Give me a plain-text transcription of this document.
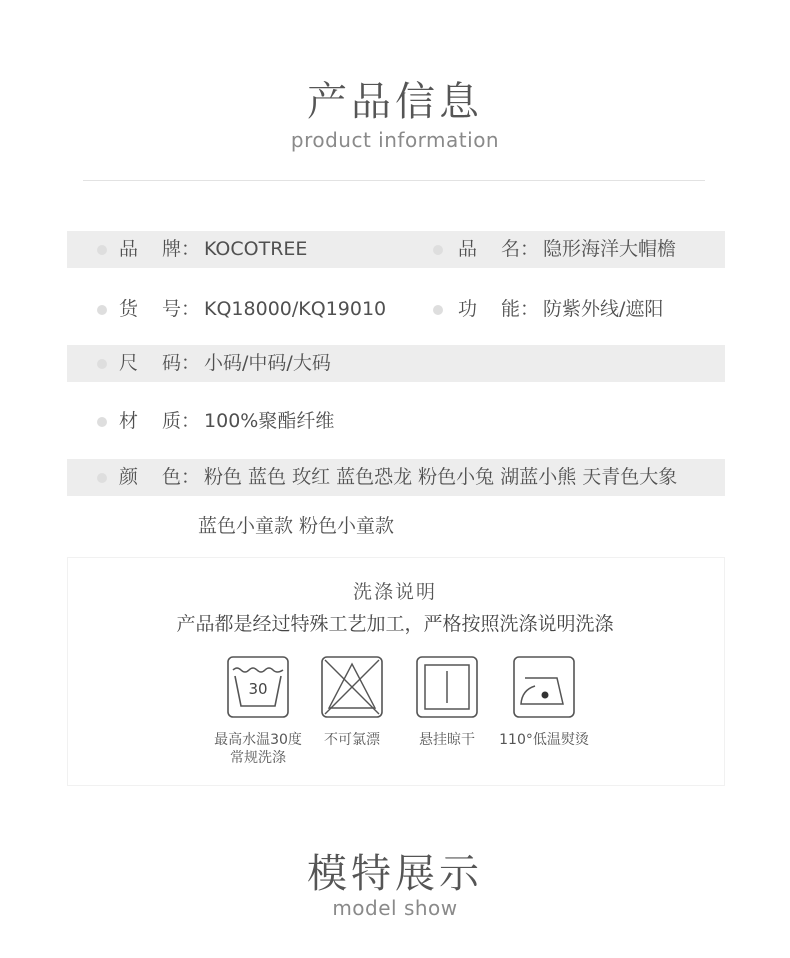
产品信息
product information
品牌： KOCOTREE	品名： 隐形海洋大帽檐
货号： KQ18000/KQ19010	功能： 防紫外线/遮阳
尺码： 小码/中码/大码
材质： 100%聚酯纤维
颜色： 粉色 蓝色 玫红 蓝色恐龙 粉色小兔 湖蓝小熊 天青色大象
蓝色小童款 粉色小童款
洗涤说明
产品都是经过特殊工艺加工，严格按照洗涤说明洗涤
30
最高水温30度
常规洗涤
不可氯漂	悬挂晾干	110°低温熨烫
模特展示
model show
